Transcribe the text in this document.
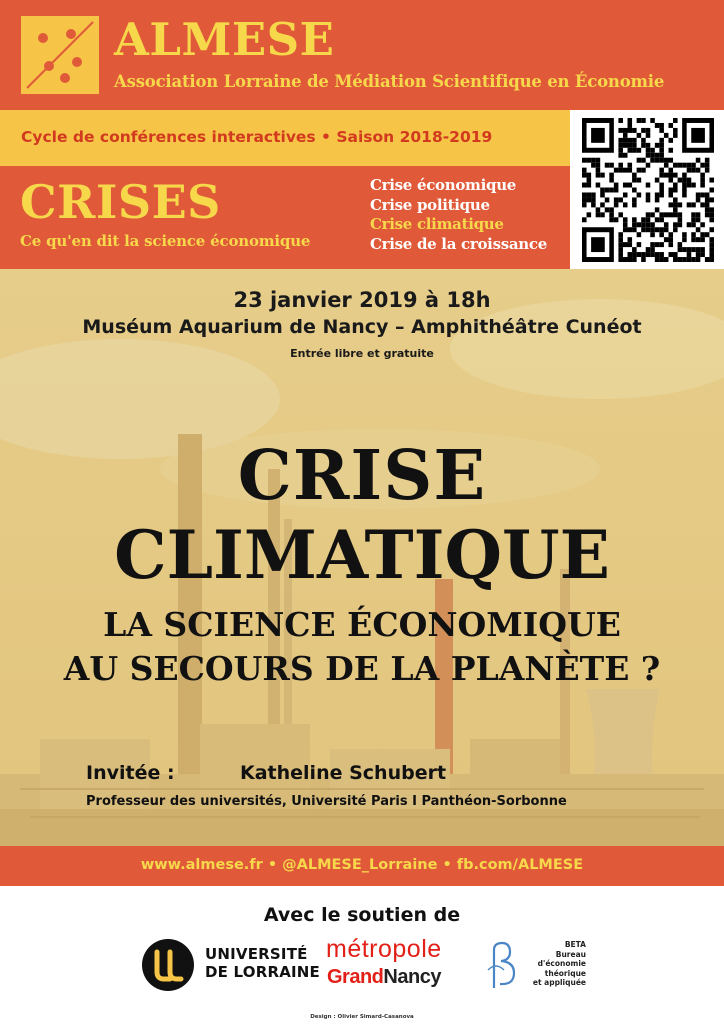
ALMESE
Association Lorraine de Médiation Scientifique en Économie
Cycle de conférences interactives • Saison 2018-2019
CRISES
Ce qu'en dit la science économique
Crise économique
Crise politique
Crise climatique
Crise de la croissance
23 janvier 2019 à 18h
Muséum Aquarium de Nancy – Amphithéâtre Cunéot
Entrée libre et gratuite
CRISE
CLIMATIQUE
LA SCIENCE ÉCONOMIQUE
AU SECOURS DE LA PLANÈTE ?
Invitée :	Katheline Schubert
Professeur des universités, Université Paris I Panthéon-Sorbonne
www.almese.fr • @ALMESE_Lorraine • fb.com/ALMESE
Avec le soutien de
UNIVERSITÉ
DE LORRAINE
métropole
GrandNancy
BETA
Bureau
d'économie
théorique
et appliquée
Design : Olivier Simard-Casanova
